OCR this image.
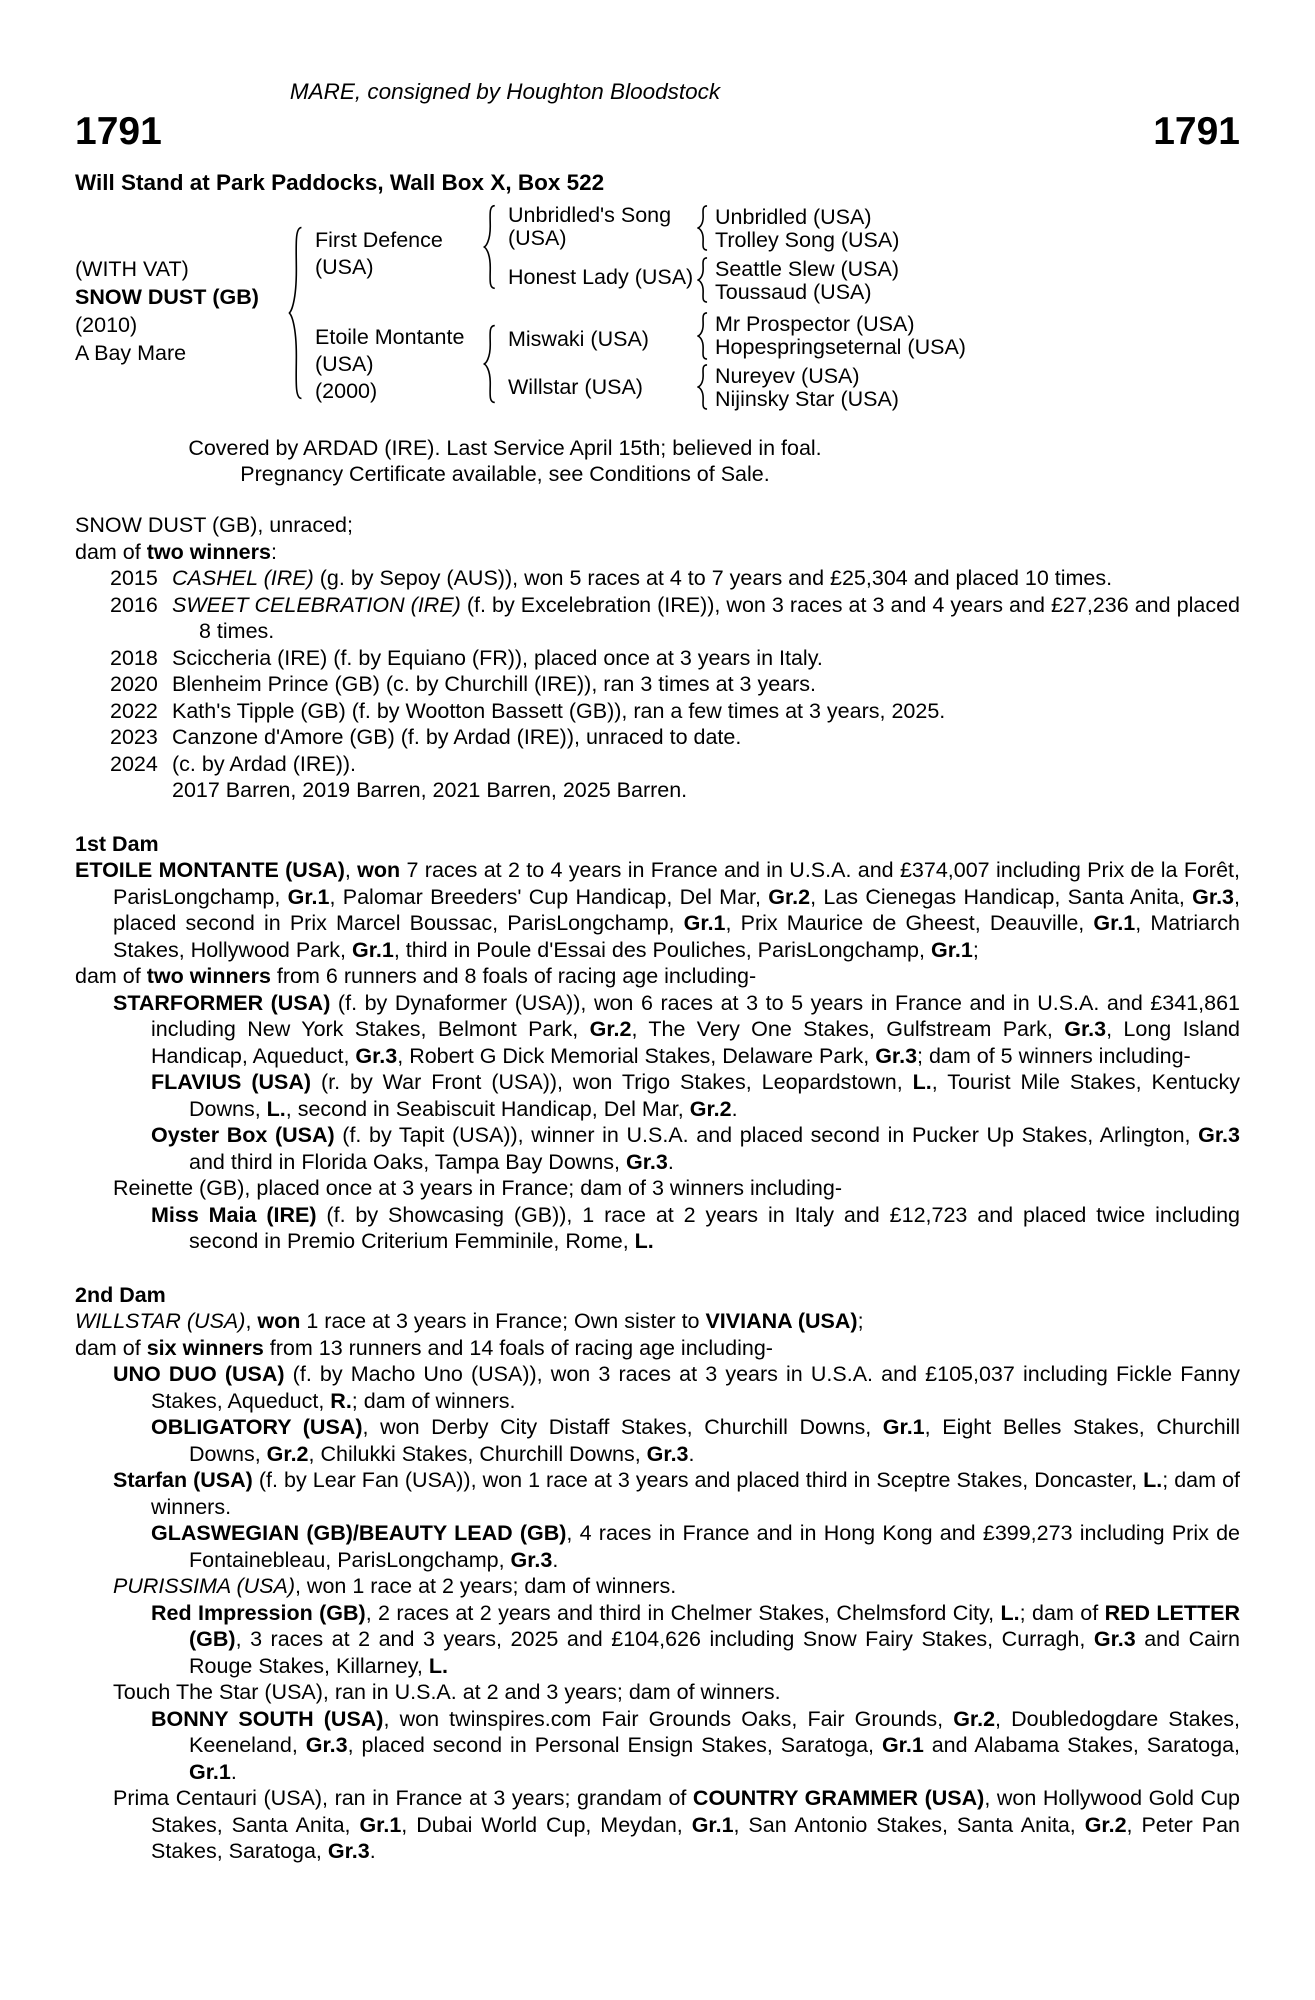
MARE, consigned by Houghton Bloodstock
1791	1791
Will Stand at Park Paddocks, Wall Box X, Box 522
(WITH VAT)
SNOW DUST (GB)
(2010)
A Bay Mare
First Defence
(USA)
Etoile Montante
(USA)
(2000)
Unbridled's Song
(USA)
Honest Lady (USA)
Miswaki (USA)
Willstar (USA)
Unbridled (USA)
Trolley Song (USA)
Seattle Slew (USA)
Toussaud (USA)
Mr Prospector (USA)
Hopespringseternal (USA)
Nureyev (USA)
Nijinsky Star (USA)
Covered by ARDAD (IRE). Last Service April 15th; believed in foal.
Pregnancy Certificate available, see Conditions of Sale.
SNOW DUST (GB), unraced;
dam of two winners:
2015 CASHEL (IRE) (g. by Sepoy (AUS)), won 5 races at 4 to 7 years and £25,304 and placed 10 times.
2016 SWEET CELEBRATION (IRE) (f. by Excelebration (IRE)), won 3 races at 3 and 4 years and £27,236 and placed 8 times.
2018 Sciccheria (IRE) (f. by Equiano (FR)), placed once at 3 years in Italy.
2020 Blenheim Prince (GB) (c. by Churchill (IRE)), ran 3 times at 3 years.
2022 Kath's Tipple (GB) (f. by Wootton Bassett (GB)), ran a few times at 3 years, 2025.
2023 Canzone d'Amore (GB) (f. by Ardad (IRE)), unraced to date.
2024 (c. by Ardad (IRE)).
2017 Barren, 2019 Barren, 2021 Barren, 2025 Barren.
1st Dam
ETOILE MONTANTE (USA), won 7 races at 2 to 4 years in France and in U.S.A. and £374,007 including Prix de la Forêt, ParisLongchamp, Gr.1, Palomar Breeders' Cup Handicap, Del Mar, Gr.2, Las Cienegas Handicap, Santa Anita, Gr.3, placed second in Prix Marcel Boussac, ParisLongchamp, Gr.1, Prix Maurice de Gheest, Deauville, Gr.1, Matriarch Stakes, Hollywood Park, Gr.1, third in Poule d'Essai des Pouliches, ParisLongchamp, Gr.1;
dam of two winners from 6 runners and 8 foals of racing age including-
STARFORMER (USA) (f. by Dynaformer (USA)), won 6 races at 3 to 5 years in France and in U.S.A. and £341,861 including New York Stakes, Belmont Park, Gr.2, The Very One Stakes, Gulfstream Park, Gr.3, Long Island Handicap, Aqueduct, Gr.3, Robert G Dick Memorial Stakes, Delaware Park, Gr.3; dam of 5 winners including-
FLAVIUS (USA) (r. by War Front (USA)), won Trigo Stakes, Leopardstown, L., Tourist Mile Stakes, Kentucky Downs, L., second in Seabiscuit Handicap, Del Mar, Gr.2.
Oyster Box (USA) (f. by Tapit (USA)), winner in U.S.A. and placed second in Pucker Up Stakes, Arlington, Gr.3 and third in Florida Oaks, Tampa Bay Downs, Gr.3.
Reinette (GB), placed once at 3 years in France; dam of 3 winners including-
Miss Maia (IRE) (f. by Showcasing (GB)), 1 race at 2 years in Italy and £12,723 and placed twice including second in Premio Criterium Femminile, Rome, L.
2nd Dam
WILLSTAR (USA), won 1 race at 3 years in France; Own sister to VIVIANA (USA);
dam of six winners from 13 runners and 14 foals of racing age including-
UNO DUO (USA) (f. by Macho Uno (USA)), won 3 races at 3 years in U.S.A. and £105,037 including Fickle Fanny Stakes, Aqueduct, R.; dam of winners.
OBLIGATORY (USA), won Derby City Distaff Stakes, Churchill Downs, Gr.1, Eight Belles Stakes, Churchill Downs, Gr.2, Chilukki Stakes, Churchill Downs, Gr.3.
Starfan (USA) (f. by Lear Fan (USA)), won 1 race at 3 years and placed third in Sceptre Stakes, Doncaster, L.; dam of winners.
GLASWEGIAN (GB)/BEAUTY LEAD (GB), 4 races in France and in Hong Kong and £399,273 including Prix de Fontainebleau, ParisLongchamp, Gr.3.
PURISSIMA (USA), won 1 race at 2 years; dam of winners.
Red Impression (GB), 2 races at 2 years and third in Chelmer Stakes, Chelmsford City, L.; dam of RED LETTER (GB), 3 races at 2 and 3 years, 2025 and £104,626 including Snow Fairy Stakes, Curragh, Gr.3 and Cairn Rouge Stakes, Killarney, L.
Touch The Star (USA), ran in U.S.A. at 2 and 3 years; dam of winners.
BONNY SOUTH (USA), won twinspires.com Fair Grounds Oaks, Fair Grounds, Gr.2, Doubledogdare Stakes, Keeneland, Gr.3, placed second in Personal Ensign Stakes, Saratoga, Gr.1 and Alabama Stakes, Saratoga, Gr.1.
Prima Centauri (USA), ran in France at 3 years; grandam of COUNTRY GRAMMER (USA), won Hollywood Gold Cup Stakes, Santa Anita, Gr.1, Dubai World Cup, Meydan, Gr.1, San Antonio Stakes, Santa Anita, Gr.2, Peter Pan Stakes, Saratoga, Gr.3.
